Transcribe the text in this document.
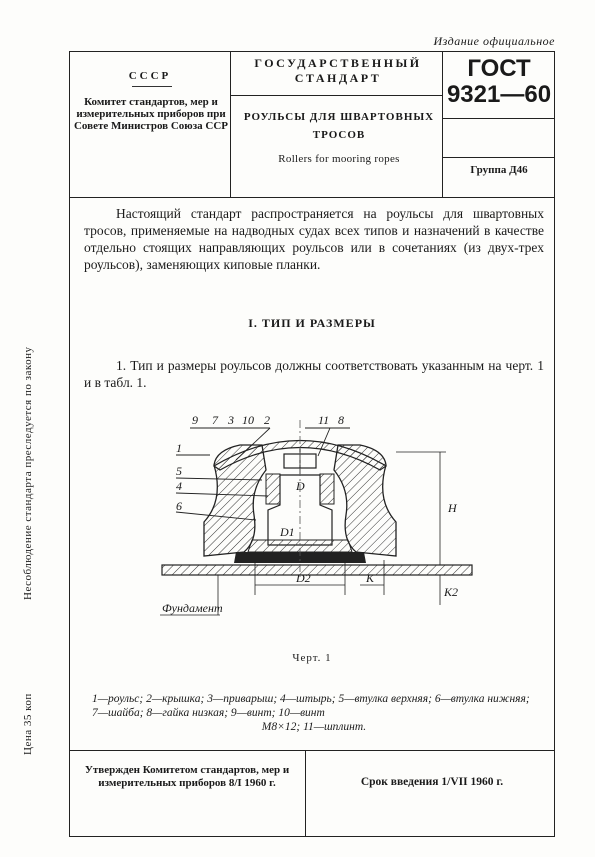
Издание официальное
Несоблюдение стандарта преследуется по закону
Цена 35 коп
СССР
Комитет стандартов, мер и измерительных приборов при Совете Министров Союза ССР
ГОСУДАРСТВЕННЫЙ СТАНДАРТ
РОУЛЬСЫ ДЛЯ ШВАРТОВНЫХ ТРОСОВ
Rollers for mooring ropes
ГОСТ
9321—60
Группа Д46
Настоящий стандарт распространяется на роульсы для швартовных тросов, применяемые на надводных судах всех типов и назначений в качестве отдельно стоящих направляющих роульсов или в сочетаниях (из двух-трех роульсов), заменяющих киповые планки.
I. ТИП И РАЗМЕРЫ
1. Тип и размеры роульсов должны соответствовать указанным на черт. 1 и в табл. 1.
9 7 3 10 2	11 8
1
5
4
6
D
D1
D2
H
K
K2
Фундамент
Черт. 1
1—роульс; 2—крышка; 3—приварыш; 4—штырь; 5—втулка верхняя; 6—втулка нижняя; 7—шайба; 8—гайка низкая; 9—винт; 10—винт
M8×12; 11—шплинт.
Утвержден Комитетом стандартов, мер и измерительных приборов 8/I 1960 г.	Срок введения 1/VII 1960 г.
